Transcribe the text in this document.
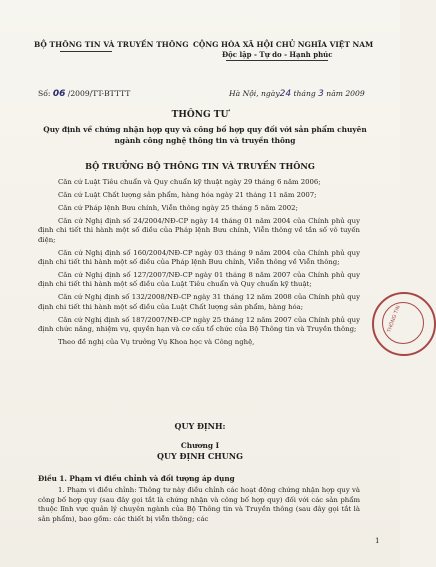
BỘ THÔNG TIN VÀ TRUYỀN THÔNG CỘNG HÒA XÃ HỘI CHỦ NGHĨA VIỆT NAM
Độc lập - Tự do - Hạnh phúc
Số: 06 /2009/TT-BTTTT	Hà Nội, ngày24 tháng 3 năm 2009
THÔNG TƯ
Quy định về chứng nhận hợp quy và công bố hợp quy đối với sản phẩm chuyên ngành công nghệ thông tin và truyền thông
BỘ TRƯỞNG BỘ THÔNG TIN VÀ TRUYỀN THÔNG

Căn cứ Luật Tiêu chuẩn và Quy chuẩn kỹ thuật ngày 29 tháng 6 năm 2006;

Căn cứ Luật Chất lượng sản phẩm, hàng hóa ngày 21 tháng 11 năm 2007;

Căn cứ Pháp lệnh Bưu chính, Viễn thông ngày 25 tháng 5 năm 2002;

Căn cứ Nghị định số 24/2004/NĐ-CP ngày 14 tháng 01 năm 2004 của Chính phủ quy định chi tiết thi hành một số điều của Pháp lệnh Bưu chính, Viễn thông về tần số vô tuyến điện;

Căn cứ Nghị định số 160/2004/NĐ-CP ngày 03 tháng 9 năm 2004 của Chính phủ quy định chi tiết thi hành một số điều của Pháp lệnh Bưu chính, Viễn thông về Viễn thông;

Căn cứ Nghị định số 127/2007/NĐ-CP ngày 01 tháng 8 năm 2007 của Chính phủ quy định chi tiết thi hành một số điều của Luật Tiêu chuẩn và Quy chuẩn kỹ thuật;

Căn cứ Nghị định số 132/2008/NĐ-CP ngày 31 tháng 12 năm 2008 của Chính phủ quy định chi tiết thi hành một số điều của Luật Chất lượng sản phẩm, hàng hóa;

Căn cứ Nghị định số 187/2007/NĐ-CP ngày 25 tháng 12 năm 2007 của Chính phủ quy định chức năng, nhiệm vụ, quyền hạn và cơ cấu tổ chức của Bộ Thông tin và Truyền thông;

Theo đề nghị của Vụ trưởng Vụ Khoa học và Công nghệ,

QUY ĐỊNH:
Chương I
QUY ĐỊNH CHUNG
Điều 1. Phạm vi điều chỉnh và đối tượng áp dụng

1. Phạm vi điều chỉnh: Thông tư này điều chỉnh các hoạt động chứng nhận hợp quy và công bố hợp quy (sau đây gọi tắt là chứng nhận và công bố hợp quy) đối với các sản phẩm thuộc lĩnh vực quản lý chuyên ngành của Bộ Thông tin và Truyền thông (sau đây gọi tắt là sản phẩm), bao gồm: các thiết bị viễn thông; các

1
THÔNG TIN
